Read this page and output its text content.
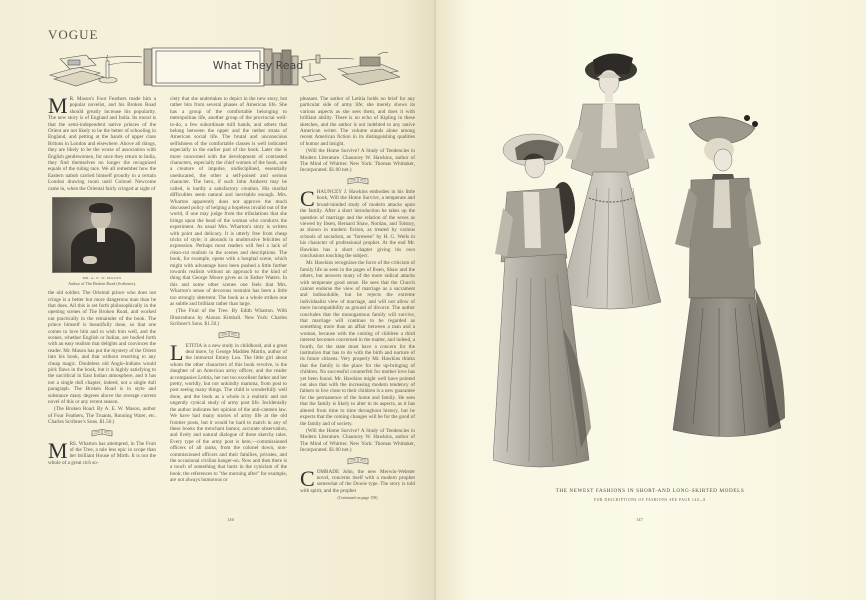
VOGUE
What They Read

M R. Mason's Four Feathers made him a popular novelist, and his Broken Road should greatly increase his popularity. The new story is of England and India. Its moral is that the semi-independent native princes of the Orient are not likely to be the better of schooling in England, and petting at the hands of upper class Britons in London and elsewhere. Above all things, they are likely to be the worse of association with English gentlewomen, for once they return to India, they find themselves no longer the recognized equals of the ruling race. We all remember how the Eastern nabob carried himself proudly in a certain London drawing room until Colonel Newcome came in, when the Oriental fairly cringed at sight of

MR. A. E. W. MASON
Author of The Broken Road (Scribners).

the old soldier. The Oriental prince who does not cringe is a better but more dangerous man than he that does. All this is set forth philosophically in the opening scenes of The Broken Road, and worked out practically in the remainder of the book. The prince himself is beautifully done, so that one comes to love him and to wish him well, and the scenes, whether English or Indian, are bodied forth with an easy realism that delights and convinces the reader. Mr. Mason has put the mystery of the Orient into his book, and that without resorting to any cheap magic. Doubtless old Anglo-Indians would pick flaws in the book, but it is highly satisfying to the uncritical in East Indian atmosphere, and it has not a single dull chapter, indeed, not a single dull paragraph. The Broken Road is in style and substance many degrees above the average current novel of this or any recent season.

(The Broken Road. By A. E. W. Mason, author of Four Feathers, The Truants, Running Water, etc. Charles Scribner's Sons. $1.50.)

M RS. Wharton has attempted, in The Fruit of the Tree, a tale less epic in scope than her brilliant House of Mirth. It is not the whole of a great rich so-

ciety that she undertakes to depict in the new story, but rather bits from several phases of American life. She has a group of the comfortable belonging to metropolitan life, another group of the provincial well-to-do, a few subordinate mill hands, and others that belong between the upper and the nether strata of American social life. The brutal and unconscious selfishness of the comfortable classes is well indicated especially in the earlier part of the book. Later she is more concerned with the development of contrasted characters, especially the chief women of the book, one a creature of impulse, undisciplined, essentially uneducated, the other a self-poised and serious character. The hero, if such John Amherst may be called, is hardly a satisfactory creation. His marital difficulties seem natural and inevitable enough. Mrs. Wharton apparently does not approve the much discussed policy of helping a hopeless invalid out of the world, if one may judge from the tribulations that she brings upon the head of the woman who conducts the experiment. As usual Mrs. Wharton's story is written with point and delicacy. It is utterly free from cheap tricks of style; it abounds in unobtrusive felicities of expression. Perhaps most readers will feel a lack of clean-cut realism in the scenes and descriptions. The book, for example, opens with a hospital scene, which might with advantage have been pushed a little further towards realism without an approach to the kind of thing that George Moore gives us in Esther Waters. In this and some other scenes one feels that Mrs. Wharton's sense of decorous restraint has been a little too strongly deterrent. The book as a whole strikes one as subtle and brilliant rather than large.

(The Fruit of the Tree. By Edith Wharton. With Illustrations by Alonzo Kimball. New York: Charles Scribner's Sons. $1.50.)

L ETITIA is a new study in childhood, and a great deal more, by George Madden Martin, author of the immortal Emmy Lou. The little girl about whom the other characters of this book revolve, is the daughter of an American army officer, and the reader accompanies Letitia, her not too excellent father and her pretty, worldly, but not unkindly mamma, from post to post seeing many things. The child is wonderfully well done, and the book as a whole is a realistic and not ungently cynical study of army post life. Incidentally the author indicates her opinion of the anti-canteen law. We have had many stories of army life at the old frontier posts, but it would be hard to match in any of these books the trenchant humor, accurate observation, and lively and natural dialogue of these sketchy tales. Every type of the army post is here,—commissioned officers of all ranks, from the colonel down, non-commissioned officers and their families, privates, and the occasional civilian hanger-on. Now and then there is a touch of something that hurts in the cynicism of the book; the references to "the morning after" for example, are not always humorous or

pleasant. The author of Letitia holds no brief for any particular side of army life; she merely shows its various aspects as she sees them, and does it with brilliant ability. There is no echo of Kipling in these sketches, and the author is not indebted to any native American writer. The volume stands alone among recent American fiction in its distinguishing qualities of humor and insight.

(Will the Home Survive? A Study of Tendencies in Modern Literature. Chauncey W. Hawkins, author of The Mind of Whittier. New York: Thomas Whittaker, Incorporated. $1.00 net.)

C HAUNCEY J. Hawkins embodies in his little book, Will the Home Survive, a temperate and broad-minded study of modern attacks upon the family. After a short introduction he takes up the question of marriage and the relation of the sexes as viewed by Ibsen, Bernard Shaw, Nordau, and Tolstoy, as shown in modern fiction, as treated by various schools of socialism, as "foreseen" by H. G. Wells in his character of professional prophet. At the end Mr. Hawkins has a short chapter giving his own conclusions touching the subject.

Mr. Hawkins recognizes the force of the criticism of family life as seen in the pages of Ibsen, Shaw and the others, but answers many of the more radical attacks with temperate good sense. He sees that the Church cannot endorse the view of marriage as a sacrament and indissoluble, but he rejects the extreme individualist view of marriage, and will not allow of mere incompatibility as ground of divorce. The author concludes that the monogamous family will survive, that marriage will continue to be regarded as something more than an affair between a man and a woman, because with the coming of children a third interest becomes concerned in the matter, and indeed, a fourth, for the state must have a concern for the institution that has to do with the birth and nurture of its future citizens. Very properly Mr. Hawkins thinks that the family is the place for the up-bringing of children. No successful counterfeit for mother love has yet been found. Mr. Hawkins might well have pointed out also that with the increasing modern tendency of fathers to live close to their children is a new guarantee for the permanence of the home and family. He sees that the family is likely to alter in its aspects, as it has altered from time to time throughout history, but he expects that the coming changes will be for the good of the family and of society.

(Will the Home Survive? A Study of Tendencies in Modern Literature. Chauncey W. Hawkins, author of The Mind of Whittier. New York: Thomas Whittaker, Incorporated. $1.00 net.)

C OMRADE John, the new Merwin-Webster novel, concerns itself with a modern prophet somewhat of the Dowie type. The story is told with spirit, and the prophet

(Continued on page 158)

146
THE NEWEST FASHIONS IN SHORT-AND LONG-SKIRTED MODELS
FOR DESCRIPTIONS OF FASHIONS SEE PAGE 140—8
147
